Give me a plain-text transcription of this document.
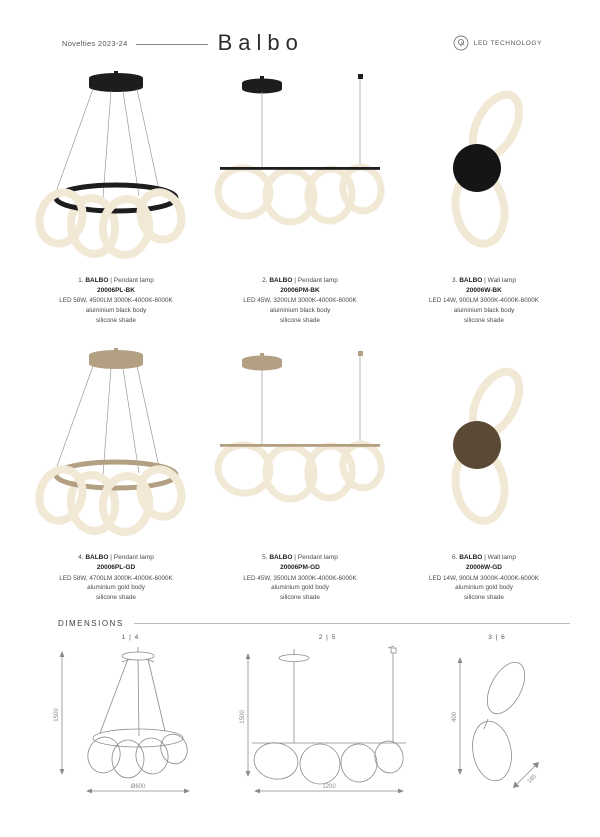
Novelties 2023-24	Balbo	LED TECHNOLOGY
1. BALBO | Pendant lamp
20006PL-BK
LED 58W, 4500LM 3000K-4000K-6000K
aluminium black body
silicone shade
2. BALBO | Pendant lamp
20006PM-BK
LED 45W, 3200LM 3000K-4000K-6000K
aluminium black body
silicone shade
3. BALBO | Wall lamp
20006W-BK
LED 14W, 900LM 3000K-4000K-6000K
aluminium black body
silicone shade
4. BALBO | Pendant lamp
20006PL-GD
LED 58W, 4700LM 3000K-4000K-6000K
aluminium gold body
silicone shade
5. BALBO | Pendant lamp
20006PM-GD
LED 45W, 3500LM 3000K-4000K-6000K
aluminium gold body
silicone shade
6. BALBO | Wall lamp
20006W-GD
LED 14W, 900LM 3000K-4000K-6000K
aluminium gold body
silicone shade
DIMENSIONS
1 | 4
1500
Ø600
2 | 5
1500
1200
3 | 6
400
165
